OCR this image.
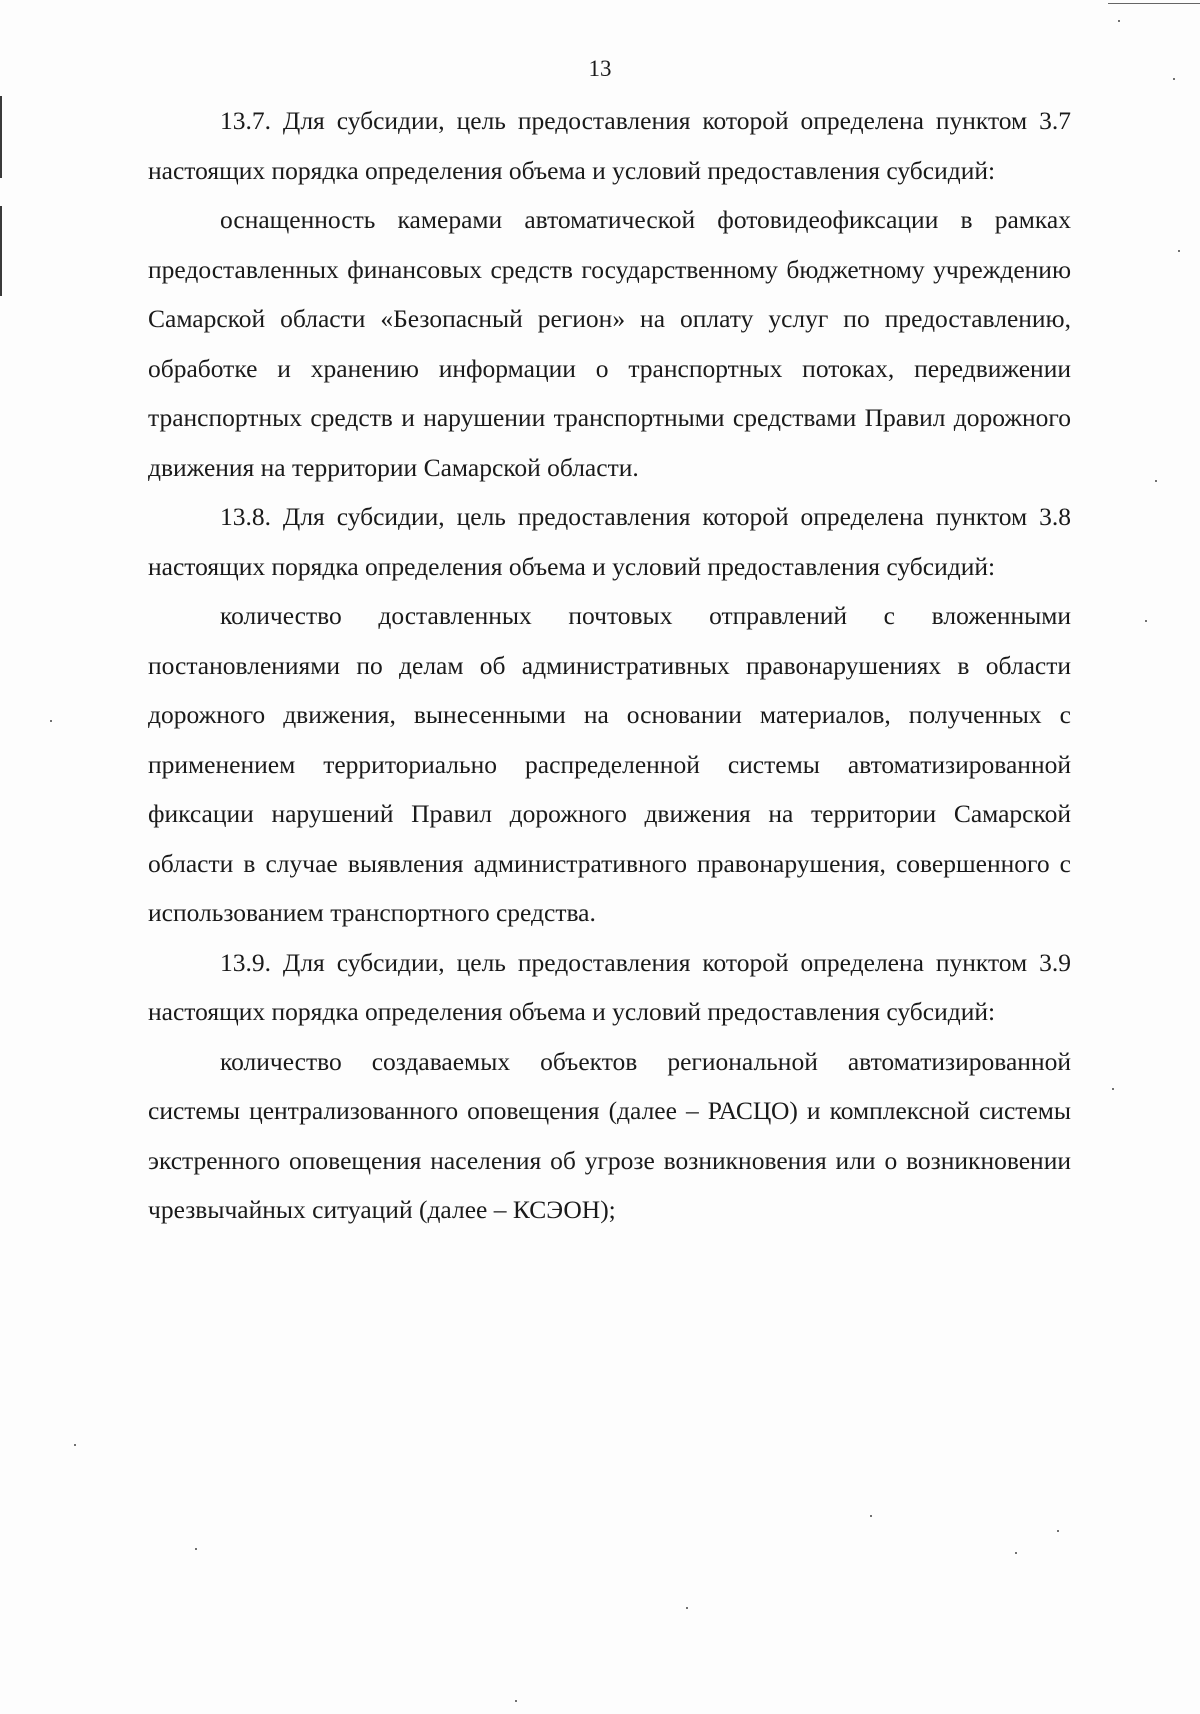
13

13.7. Для субсидии, цель предоставления которой определена пунктом 3.7 настоящих порядка определения объема и условий предоставления субсидий:

оснащенность камерами автоматической фотовидеофиксации в рамках предоставленных финансовых средств государственному бюджетному учреждению Самарской области «Безопасный регион» на оплату услуг по предоставлению, обработке и хранению информации о транспортных потоках, передвижении транспортных средств и нарушении транспортными средствами Правил дорожного движения на территории Самарской области.

13.8. Для субсидии, цель предоставления которой определена пунктом 3.8 настоящих порядка определения объема и условий предоставления субсидий:

количество доставленных почтовых отправлений с вложенными постановлениями по делам об административных правонарушениях в области дорожного движения, вынесенными на основании материалов, полученных с применением территориально распределенной системы автоматизированной фиксации нарушений Правил дорожного движения на территории Самарской области в случае выявления административного правонарушения, совершенного с использованием транспортного средства.

13.9. Для субсидии, цель предоставления которой определена пунктом 3.9 настоящих порядка определения объема и условий предоставления субсидий:

количество создаваемых объектов региональной автоматизированной системы централизованного оповещения (далее – РАСЦО) и комплексной системы экстренного оповещения населения об угрозе возникновения или о возникновении чрезвычайных ситуаций (далее – КСЭОН);
